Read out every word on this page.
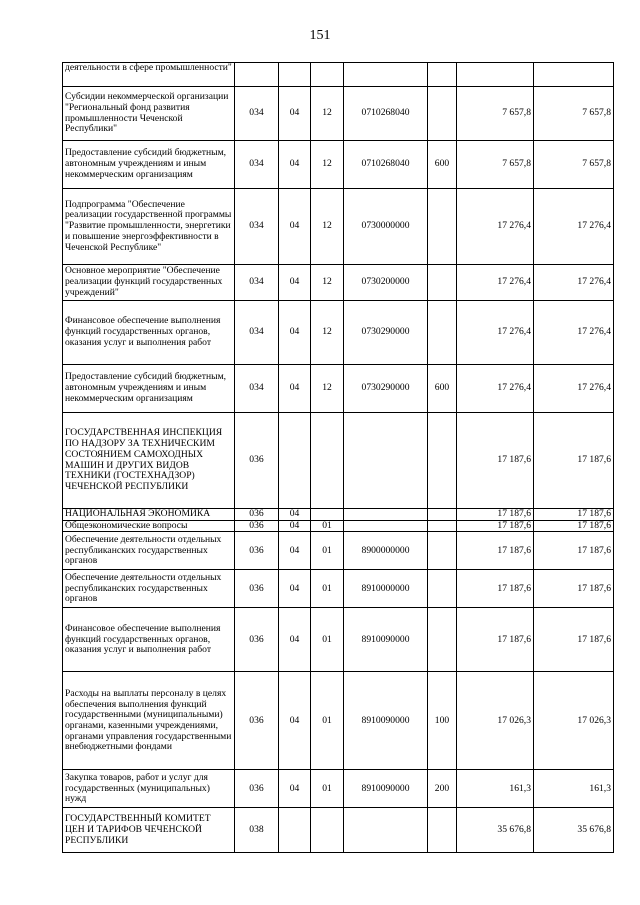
151
деятельности в сфере промышленности"							
Субсидии некоммерческой организации "Региональный фонд развития промышленности Чеченской Республики"	034	04	12	0710268040		7 657,8	7 657,8
Предоставление субсидий бюджетным, автономным учреждениям и иным некоммерческим организациям	034	04	12	0710268040	600	7 657,8	7 657,8
Подпрограмма "Обеспечение реализации государственной программы "Развитие промышленности, энергетики и повышение энергоэффективности в Чеченской Республике"	034	04	12	0730000000		17 276,4	17 276,4
Основное мероприятие "Обеспечение реализации функций государственных учреждений"	034	04	12	0730200000		17 276,4	17 276,4
Финансовое обеспечение выполнения функций государственных органов, оказания услуг и выполнения работ	034	04	12	0730290000		17 276,4	17 276,4
Предоставление субсидий бюджетным, автономным учреждениям и иным некоммерческим организациям	034	04	12	0730290000	600	17 276,4	17 276,4
ГОСУДАРСТВЕННАЯ ИНСПЕКЦИЯ ПО НАДЗОРУ ЗА ТЕХНИЧЕСКИМ СОСТОЯНИЕМ САМОХОДНЫХ МАШИН И ДРУГИХ ВИДОВ ТЕХНИКИ (ГОСТЕХНАДЗОР) ЧЕЧЕНСКОЙ РЕСПУБЛИКИ	036					17 187,6	17 187,6
НАЦИОНАЛЬНАЯ ЭКОНОМИКА	036	04				17 187,6	17 187,6
Общеэкономические вопросы	036	04	01			17 187,6	17 187,6
Обеспечение деятельности отдельных республиканских государственных органов	036	04	01	8900000000		17 187,6	17 187,6
Обеспечение деятельности отдельных республиканских государственных органов	036	04	01	8910000000		17 187,6	17 187,6
Финансовое обеспечение выполнения функций государственных органов, оказания услуг и выполнения работ	036	04	01	8910090000		17 187,6	17 187,6
Расходы на выплаты персоналу в целях обеспечения выполнения функций государственными (муниципальными) органами, казенными учреждениями, органами управления государственными внебюджетными фондами	036	04	01	8910090000	100	17 026,3	17 026,3
Закупка товаров, работ и услуг для государственных (муниципальных) нужд	036	04	01	8910090000	200	161,3	161,3
ГОСУДАРСТВЕННЫЙ КОМИТЕТ ЦЕН И ТАРИФОВ ЧЕЧЕНСКОЙ РЕСПУБЛИКИ	038					35 676,8	35 676,8
